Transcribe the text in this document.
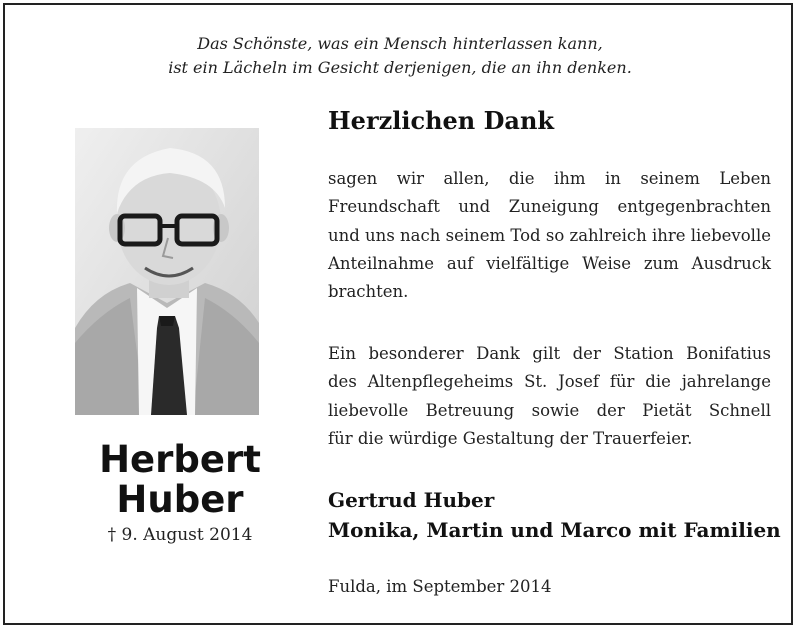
Das Schönste, was ein Mensch hinterlassen kann,
ist ein Lächeln im Gesicht derjenigen, die an ihn denken.
Herbert
Huber
† 9. August 2014
Herzlichen Dank
sagen wir allen, die ihm in seinem Leben
Freundschaft und Zuneigung entgegenbrachten
und uns nach seinem Tod so zahlreich ihre liebevolle
Anteilnahme auf vielfältige Weise zum Ausdruck
brachten.
Ein besonderer Dank gilt der Station Bonifatius
des Altenpflegeheims St. Josef für die jahrelange
liebevolle Betreuung sowie der Pietät Schnell
für die würdige Gestaltung der Trauerfeier.
Gertrud Huber
Monika, Martin und Marco mit Familien
Fulda, im September 2014
